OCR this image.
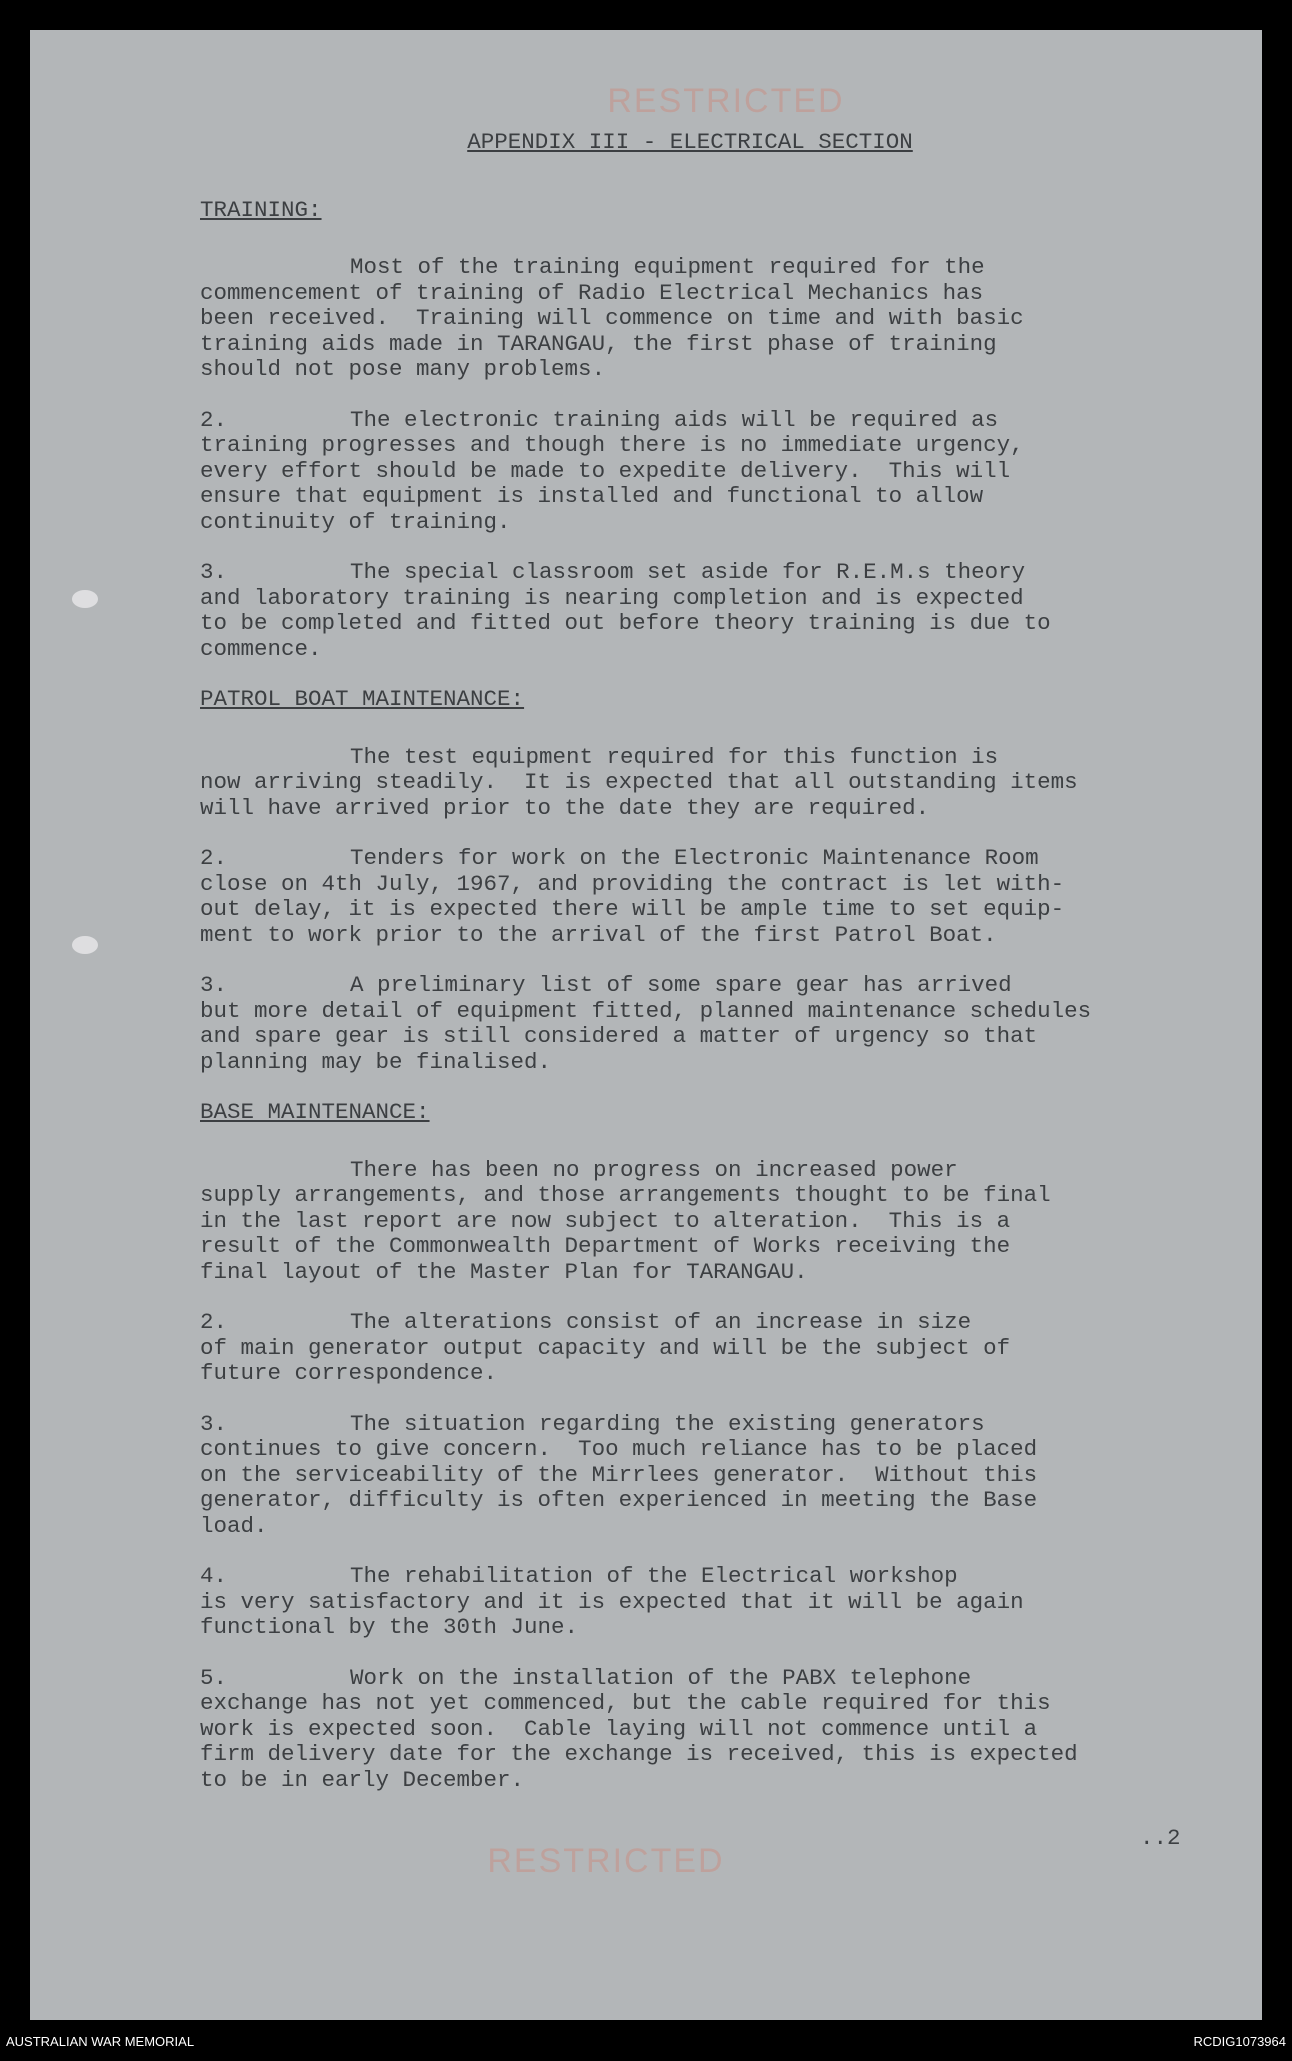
RESTRICTED
APPENDIX III - ELECTRICAL SECTION
TRAINING:
Most of the training equipment required for the
commencement of training of Radio Electrical Mechanics has
been received.  Training will commence on time and with basic
training aids made in TARANGAU, the first phase of training
should not pose many problems.
2.	The electronic training aids will be required as
training progresses and though there is no immediate urgency,
every effort should be made to expedite delivery.  This will
ensure that equipment is installed and functional to allow
continuity of training.
3.	The special classroom set aside for R.E.M.s theory
and laboratory training is nearing completion and is expected
to be completed and fitted out before theory training is due to
commence.
PATROL BOAT MAINTENANCE:
The test equipment required for this function is
now arriving steadily.  It is expected that all outstanding items
will have arrived prior to the date they are required.
2.	Tenders for work on the Electronic Maintenance Room
close on 4th July, 1967, and providing the contract is let with-
out delay, it is expected there will be ample time to set equip-
ment to work prior to the arrival of the first Patrol Boat.
3.	A preliminary list of some spare gear has arrived
but more detail of equipment fitted, planned maintenance schedules
and spare gear is still considered a matter of urgency so that
planning may be finalised.
BASE MAINTENANCE:
There has been no progress on increased power
supply arrangements, and those arrangements thought to be final
in the last report are now subject to alteration.  This is a
result of the Commonwealth Department of Works receiving the
final layout of the Master Plan for TARANGAU.
2.	The alterations consist of an increase in size
of main generator output capacity and will be the subject of
future correspondence.
3.	The situation regarding the existing generators
continues to give concern.  Too much reliance has to be placed
on the serviceability of the Mirrlees generator.  Without this
generator, difficulty is often experienced in meeting the Base
load.
4.	The rehabilitation of the Electrical workshop
is very satisfactory and it is expected that it will be again
functional by the 30th June.
5.	Work on the installation of the PABX telephone
exchange has not yet commenced, but the cable required for this
work is expected soon.  Cable laying will not commence until a
firm delivery date for the exchange is received, this is expected
to be in early December.
..2
RESTRICTED
AUSTRALIAN WAR MEMORIAL	RCDIG1073964
